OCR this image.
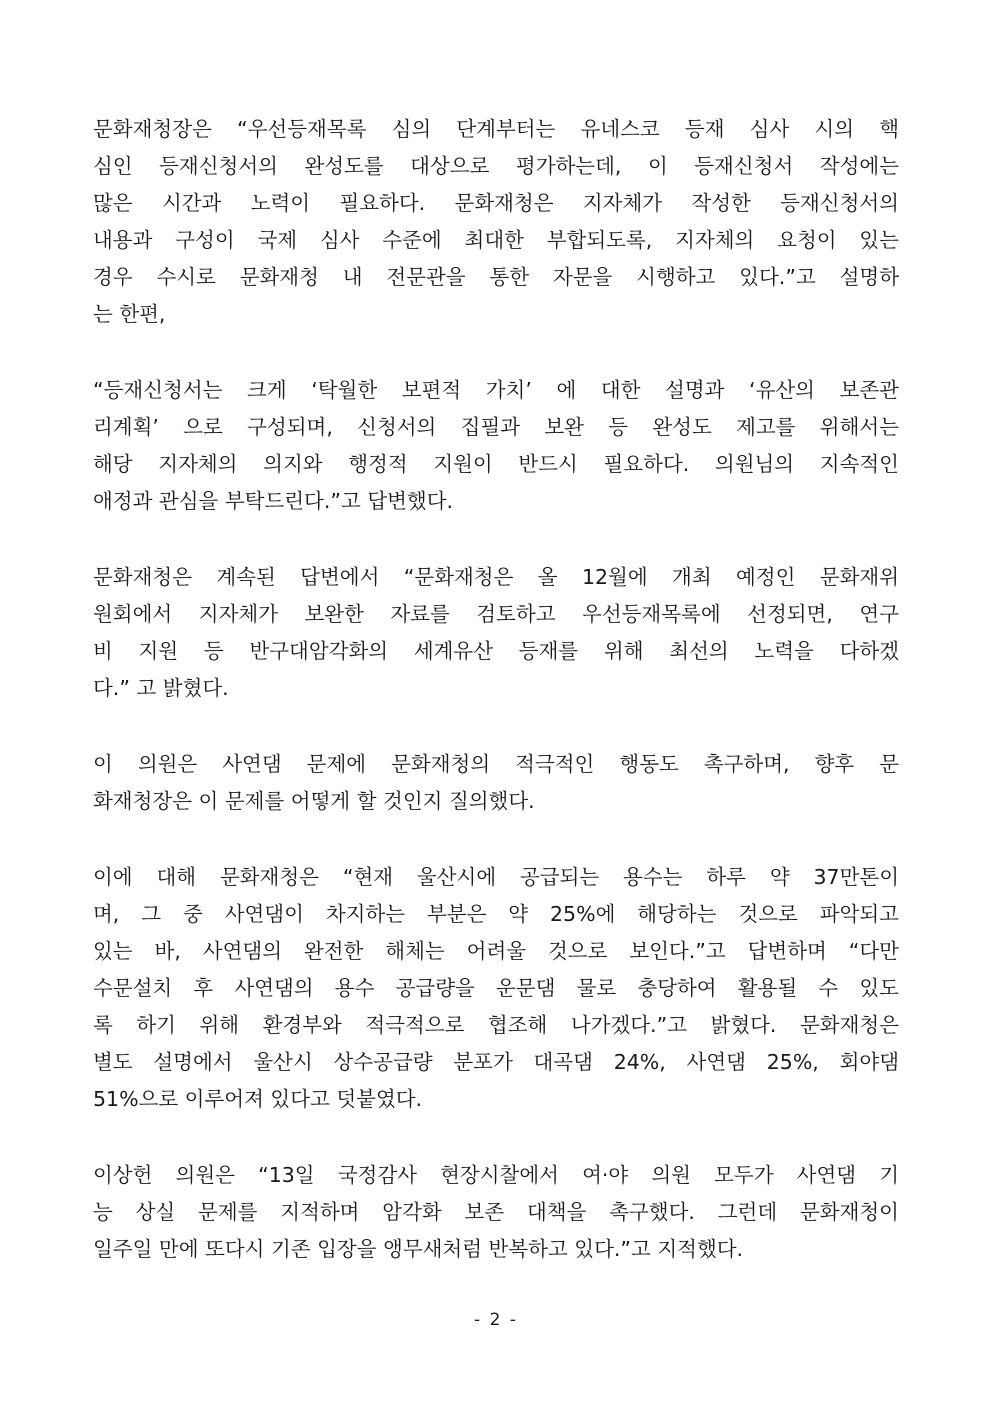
문화재청장은 “우선등재목록 심의 단계부터는 유네스코 등재 심사 시의 핵
심인 등재신청서의 완성도를 대상으로 평가하는데, 이 등재신청서 작성에는
많은 시간과 노력이 필요하다. 문화재청은 지자체가 작성한 등재신청서의
내용과 구성이 국제 심사 수준에 최대한 부합되도록, 지자체의 요청이 있는
경우 수시로 문화재청 내 전문관을 통한 자문을 시행하고 있다.”고 설명하
는 한편,
“등재신청서는 크게 ‘탁월한 보편적 가치’ 에 대한 설명과 ‘유산의 보존관
리계획’ 으로 구성되며, 신청서의 집필과 보완 등 완성도 제고를 위해서는
해당 지자체의 의지와 행정적 지원이 반드시 필요하다. 의원님의 지속적인
애정과 관심을 부탁드린다.”고 답변했다.
문화재청은 계속된 답변에서 “문화재청은 올 12월에 개최 예정인 문화재위
원회에서 지자체가 보완한 자료를 검토하고 우선등재목록에 선정되면, 연구
비 지원 등 반구대암각화의 세계유산 등재를 위해 최선의 노력을 다하겠
다.” 고 밝혔다.
이 의원은 사연댐 문제에 문화재청의 적극적인 행동도 촉구하며, 향후 문
화재청장은 이 문제를 어떻게 할 것인지 질의했다.
이에 대해 문화재청은 “현재 울산시에 공급되는 용수는 하루 약 37만톤이
며, 그 중 사연댐이 차지하는 부분은 약 25%에 해당하는 것으로 파악되고
있는 바, 사연댐의 완전한 해체는 어려울 것으로 보인다.”고 답변하며 “다만
수문설치 후 사연댐의 용수 공급량을 운문댐 물로 충당하여 활용될 수 있도
록 하기 위해 환경부와 적극적으로 협조해 나가겠다.”고 밝혔다. 문화재청은
별도 설명에서 울산시 상수공급량 분포가 대곡댐 24%, 사연댐 25%, 회야댐
51%으로 이루어져 있다고 덧붙였다.
이상헌 의원은 “13일 국정감사 현장시찰에서 여·야 의원 모두가 사연댐 기
능 상실 문제를 지적하며 암각화 보존 대책을 촉구했다. 그런데 문화재청이
일주일 만에 또다시 기존 입장을 앵무새처럼 반복하고 있다.”고 지적했다.
- 2 -
